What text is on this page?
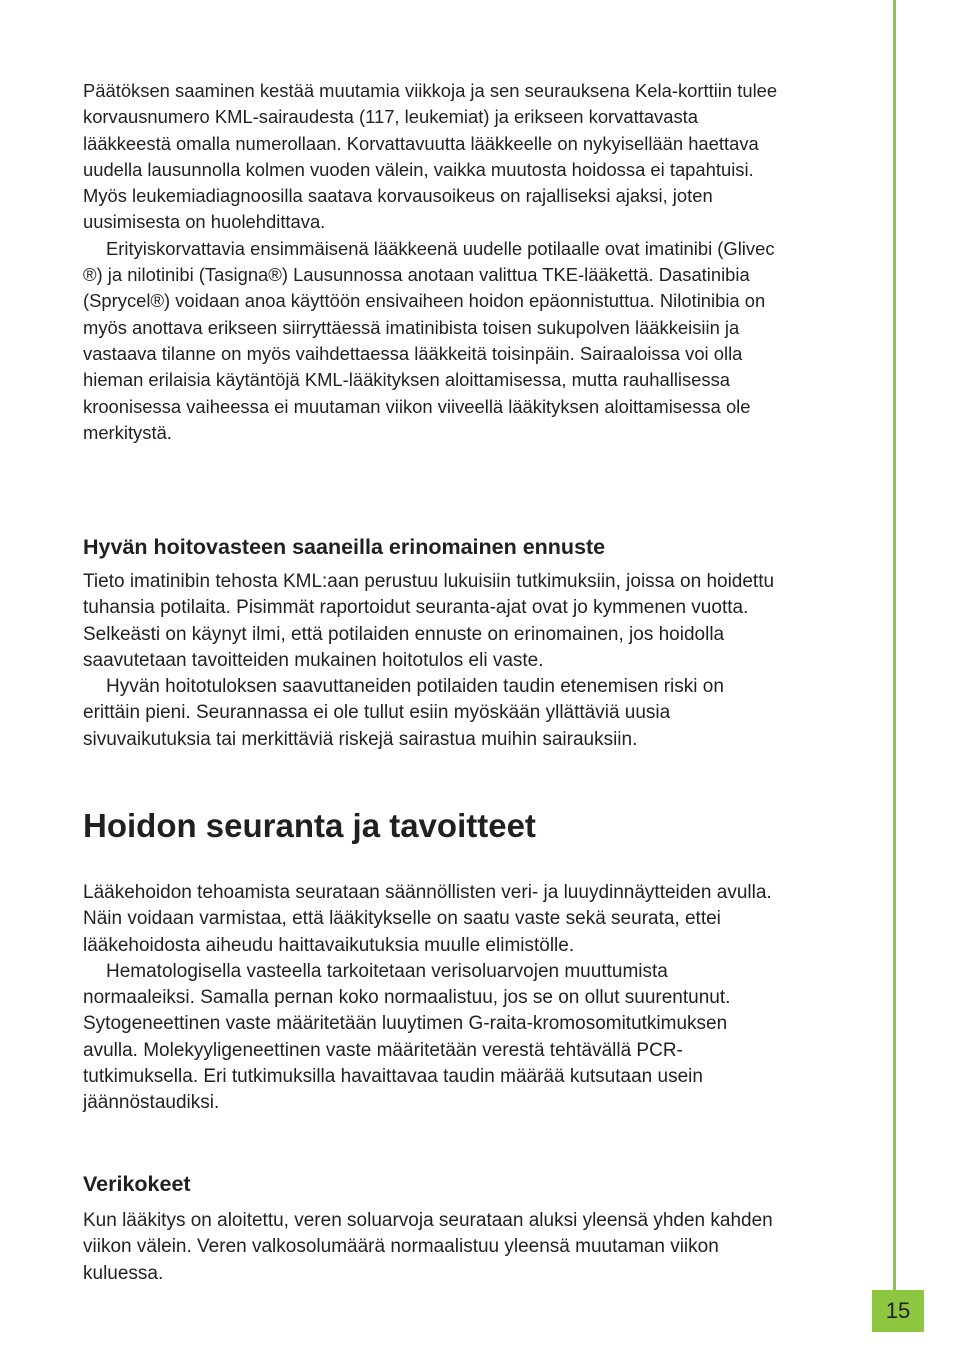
Päätöksen saaminen kestää muutamia viikkoja ja sen seurauksena Kela-korttiin tulee korvausnumero KML-sairaudesta (117, leukemiat) ja erikseen korvattavasta lääkkeestä omalla numerollaan. Korvattavuutta lääkkeelle on nykyisellään haettava uudella lausunnolla kolmen vuoden välein, vaikka muutosta hoidossa ei tapahtuisi. Myös leukemiadiagnoosilla saatava korvausoikeus on rajalliseksi ajaksi, joten uusimisesta on huolehdittava.

Erityiskorvattavia ensimmäisenä lääkkeenä uudelle potilaalle ovat imatinibi (Glivec ®) ja nilotinibi (Tasigna®) Lausunnossa anotaan valittua TKE-lääkettä. Dasatinibia (Sprycel®) voidaan anoa käyttöön ensivaiheen hoidon epäonnistuttua. Nilotinibia on myös anottava erikseen siirryttäessä imatinibista toisen sukupolven lääkkeisiin ja vastaava tilanne on myös vaihdettaessa lääkkeitä toisinpäin. Sairaaloissa voi olla hieman erilaisia käytäntöjä KML-lääkityksen aloittamisessa, mutta rauhallisessa kroonisessa vaiheessa ei muutaman viikon viiveellä lääkityksen aloittamisessa ole merkitystä.

Hyvän hoitovasteen saaneilla erinomainen ennuste

Tieto imatinibin tehosta KML:aan perustuu lukuisiin tutkimuksiin, joissa on hoidettu tuhansia potilaita. Pisimmät raportoidut seuranta-ajat ovat jo kymmenen vuotta. Selkeästi on käynyt ilmi, että potilaiden ennuste on erinomainen, jos hoidolla saavutetaan tavoitteiden mukainen hoitotulos eli vaste.

Hyvän hoitotuloksen saavuttaneiden potilaiden taudin etenemisen riski on erittäin pieni. Seurannassa ei ole tullut esiin myöskään yllättäviä uusia sivuvaikutuksia tai merkittäviä riskejä sairastua muihin sairauksiin.

Hoidon seuranta ja tavoitteet

Lääkehoidon tehoamista seurataan säännöllisten veri- ja luuydinnäytteiden avulla. Näin voidaan varmistaa, että lääkitykselle on saatu vaste sekä seurata, ettei lääkehoidosta aiheudu haittavaikutuksia muulle elimistölle.

Hematologisella vasteella tarkoitetaan verisoluarvojen muuttumista normaaleiksi. Samalla pernan koko normaalistuu, jos se on ollut suurentunut. Sytogeneettinen vaste määritetään luuytimen G-raita-kromosomitutkimuksen avulla. Molekyyligeneettinen vaste määritetään verestä tehtävällä PCR-tutkimuksella. Eri tutkimuksilla havaittavaa taudin määrää kutsutaan usein jäännöstaudiksi.

Verikokeet

Kun lääkitys on aloitettu, veren soluarvoja seurataan aluksi yleensä yhden kahden viikon välein. Veren valkosolumäärä normaalistuu yleensä muutaman viikon kuluessa.

15
